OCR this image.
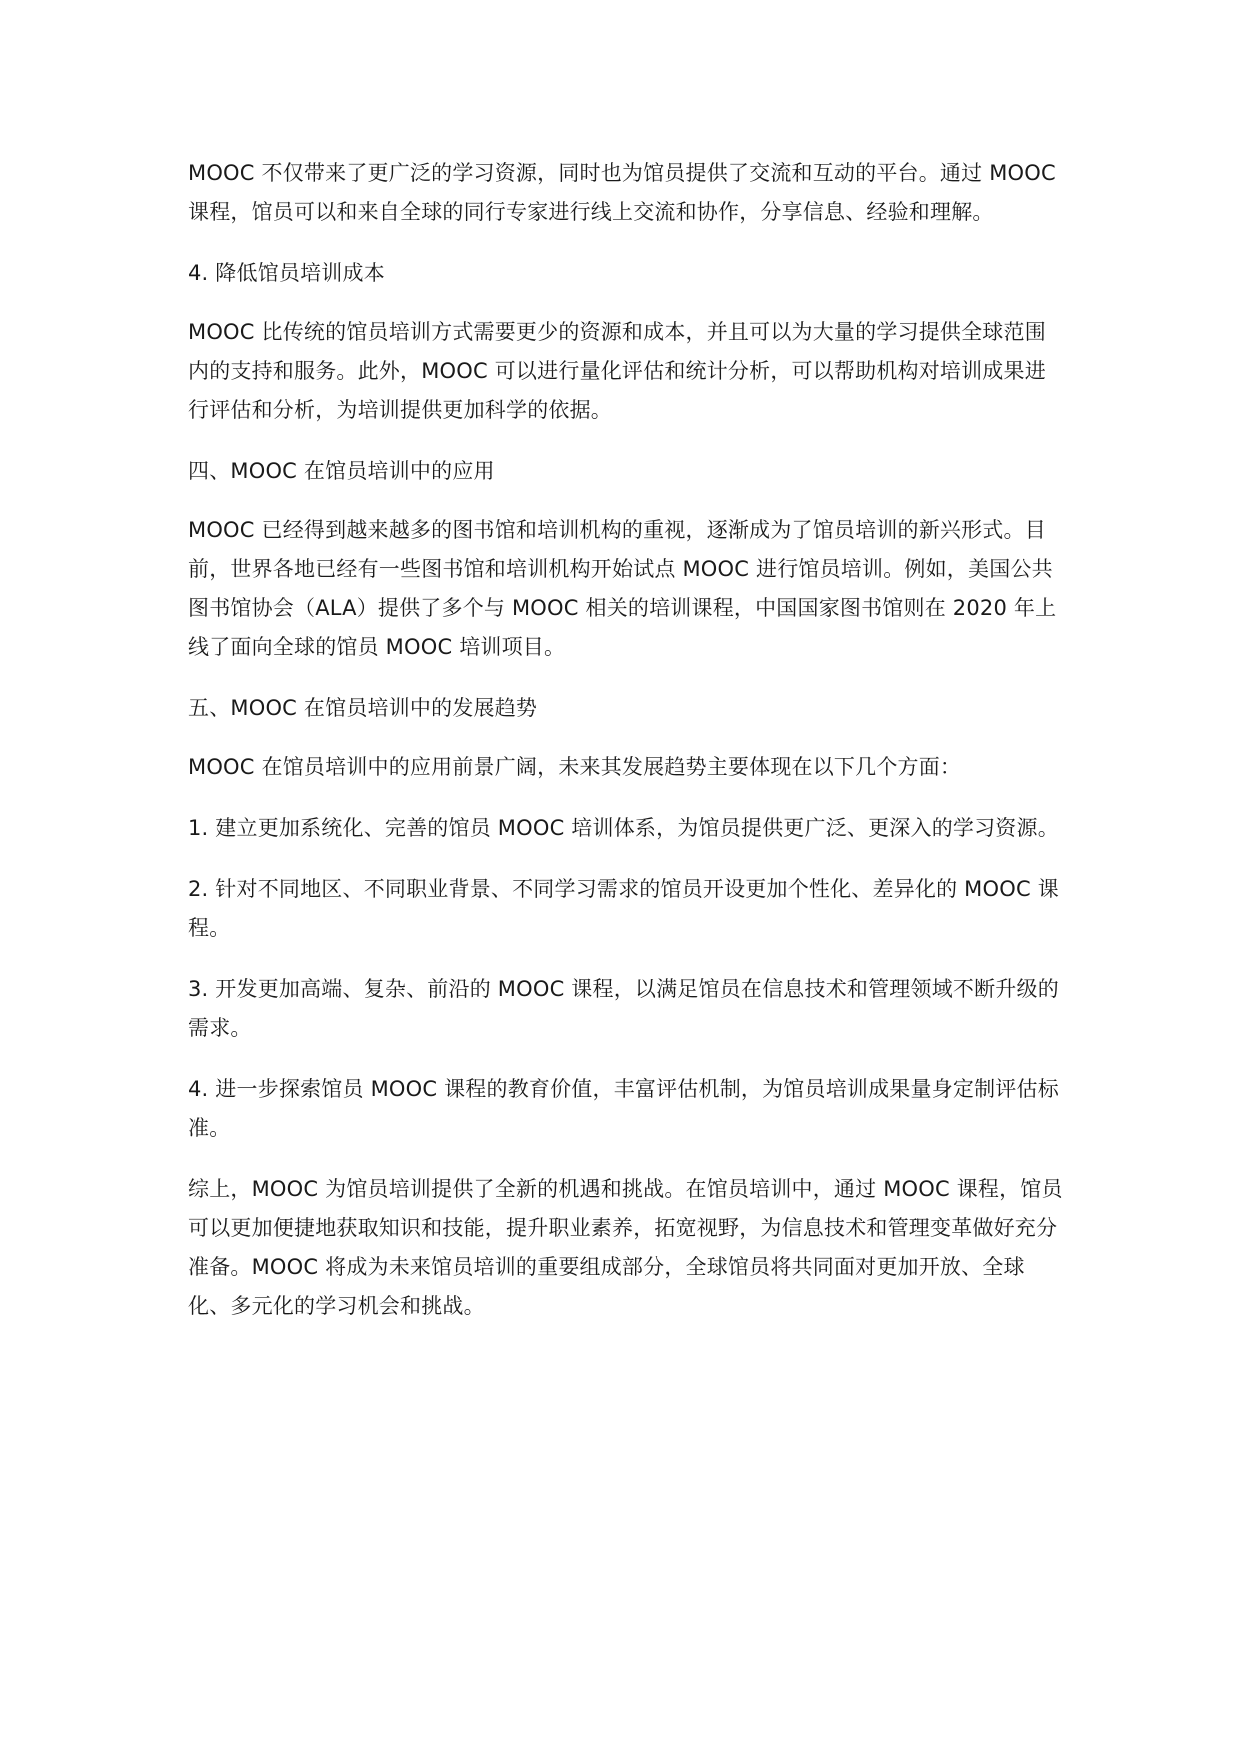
MOOC 不仅带来了更广泛的学习资源，同时也为馆员提供了交流和互动的平台。通过 MOOC 课程，馆员可以和来自全球的同行专家进行线上交流和协作，分享信息、经验和理解。

4. 降低馆员培训成本

MOOC 比传统的馆员培训方式需要更少的资源和成本，并且可以为大量的学习提供全球范围内的支持和服务。此外，MOOC 可以进行量化评估和统计分析，可以帮助机构对培训成果进行评估和分析，为培训提供更加科学的依据。

四、MOOC 在馆员培训中的应用

MOOC 已经得到越来越多的图书馆和培训机构的重视，逐渐成为了馆员培训的新兴形式。目前，世界各地已经有一些图书馆和培训机构开始试点 MOOC 进行馆员培训。例如，美国公共图书馆协会（ALA）提供了多个与 MOOC 相关的培训课程，中国国家图书馆则在 2020 年上线了面向全球的馆员 MOOC 培训项目。

五、MOOC 在馆员培训中的发展趋势

MOOC 在馆员培训中的应用前景广阔，未来其发展趋势主要体现在以下几个方面：

1. 建立更加系统化、完善的馆员 MOOC 培训体系，为馆员提供更广泛、更深入的学习资源。

2. 针对不同地区、不同职业背景、不同学习需求的馆员开设更加个性化、差异化的 MOOC 课程。

3. 开发更加高端、复杂、前沿的 MOOC 课程，以满足馆员在信息技术和管理领域不断升级的需求。

4. 进一步探索馆员 MOOC 课程的教育价值，丰富评估机制，为馆员培训成果量身定制评估标准。

综上，MOOC 为馆员培训提供了全新的机遇和挑战。在馆员培训中，通过 MOOC 课程，馆员可以更加便捷地获取知识和技能，提升职业素养，拓宽视野，为信息技术和管理变革做好充分准备。MOOC 将成为未来馆员培训的重要组成部分，全球馆员将共同面对更加开放、全球化、多元化的学习机会和挑战。
